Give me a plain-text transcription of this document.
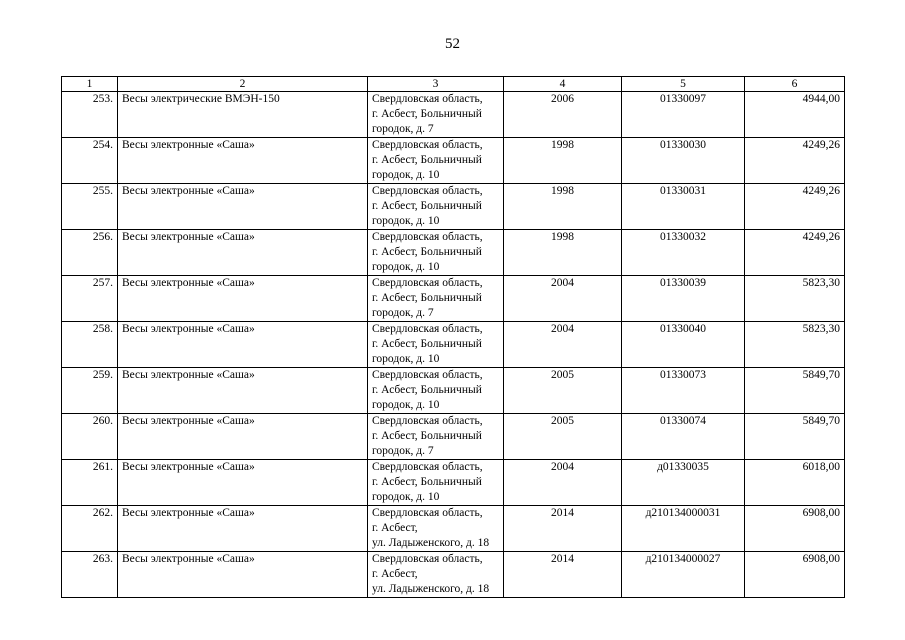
52
1	2	3	4	5	6
253.	Весы электрические ВМЭН-150	Свердловская область,
г. Асбест, Больничный
городок, д. 7	2006	01330097	4944,00
254.	Весы электронные «Саша»	Свердловская область,
г. Асбест, Больничный
городок, д. 10	1998	01330030	4249,26
255.	Весы электронные «Саша»	Свердловская область,
г. Асбест, Больничный
городок, д. 10	1998	01330031	4249,26
256.	Весы электронные «Саша»	Свердловская область,
г. Асбест, Больничный
городок, д. 10	1998	01330032	4249,26
257.	Весы электронные «Саша»	Свердловская область,
г. Асбест, Больничный
городок, д. 7	2004	01330039	5823,30
258.	Весы электронные «Саша»	Свердловская область,
г. Асбест, Больничный
городок, д. 10	2004	01330040	5823,30
259.	Весы электронные «Саша»	Свердловская область,
г. Асбест, Больничный
городок, д. 10	2005	01330073	5849,70
260.	Весы электронные «Саша»	Свердловская область,
г. Асбест, Больничный
городок, д. 7	2005	01330074	5849,70
261.	Весы электронные «Саша»	Свердловская область,
г. Асбест, Больничный
городок, д. 10	2004	д01330035	6018,00
262.	Весы электронные «Саша»	Свердловская область,
г. Асбест,
ул. Ладыженского, д. 18	2014	д210134000031	6908,00
263.	Весы электронные «Саша»	Свердловская область,
г. Асбест,
ул. Ладыженского, д. 18	2014	д210134000027	6908,00
